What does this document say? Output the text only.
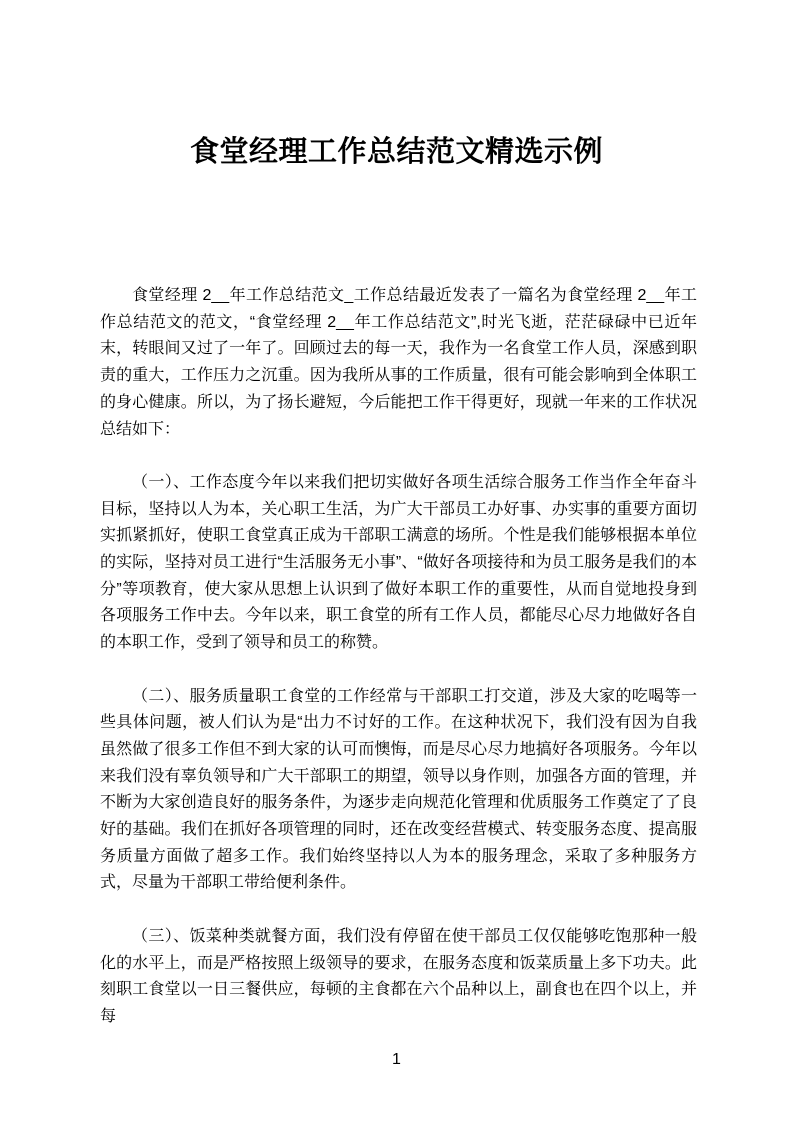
食堂经理工作总结范文精选示例

食堂经理 2__年工作总结范文_工作总结最近发表了一篇名为食堂经理 2__年工作总结范文的范文，“食堂经理 2__年工作总结范文”,时光飞逝，茫茫碌碌中已近年末，转眼间又过了一年了。回顾过去的每一天，我作为一名食堂工作人员，深感到职责的重大，工作压力之沉重。因为我所从事的工作质量，很有可能会影响到全体职工的身心健康。所以，为了扬长避短，今后能把工作干得更好，现就一年来的工作状况总结如下：

（一）、工作态度今年以来我们把切实做好各项生活综合服务工作当作全年奋斗目标，坚持以人为本，关心职工生活，为广大干部员工办好事、办实事的重要方面切实抓紧抓好，使职工食堂真正成为干部职工满意的场所。个性是我们能够根据本单位的实际，坚持对员工进行“生活服务无小事”、“做好各项接待和为员工服务是我们的本分”等项教育，使大家从思想上认识到了做好本职工作的重要性，从而自觉地投身到各项服务工作中去。今年以来，职工食堂的所有工作人员，都能尽心尽力地做好各自的本职工作，受到了领导和员工的称赞。

（二）、服务质量职工食堂的工作经常与干部职工打交道，涉及大家的吃喝等一些具体问题，被人们认为是“出力不讨好的工作。在这种状况下，我们没有因为自我虽然做了很多工作但不到大家的认可而懊悔，而是尽心尽力地搞好各项服务。今年以来我们没有辜负领导和广大干部职工的期望，领导以身作则，加强各方面的管理，并不断为大家创造良好的服务条件，为逐步走向规范化管理和优质服务工作奠定了了良好的基础。我们在抓好各项管理的同时，还在改变经营模式、转变服务态度、提高服务质量方面做了超多工作。我们始终坚持以人为本的服务理念，采取了多种服务方式，尽量为干部职工带给便利条件。

（三）、饭菜种类就餐方面，我们没有停留在使干部员工仅仅能够吃饱那种一般化的水平上，而是严格按照上级领导的要求，在服务态度和饭菜质量上多下功夫。此刻职工食堂以一日三餐供应，每顿的主食都在六个品种以上，副食也在四个以上，并每

1
